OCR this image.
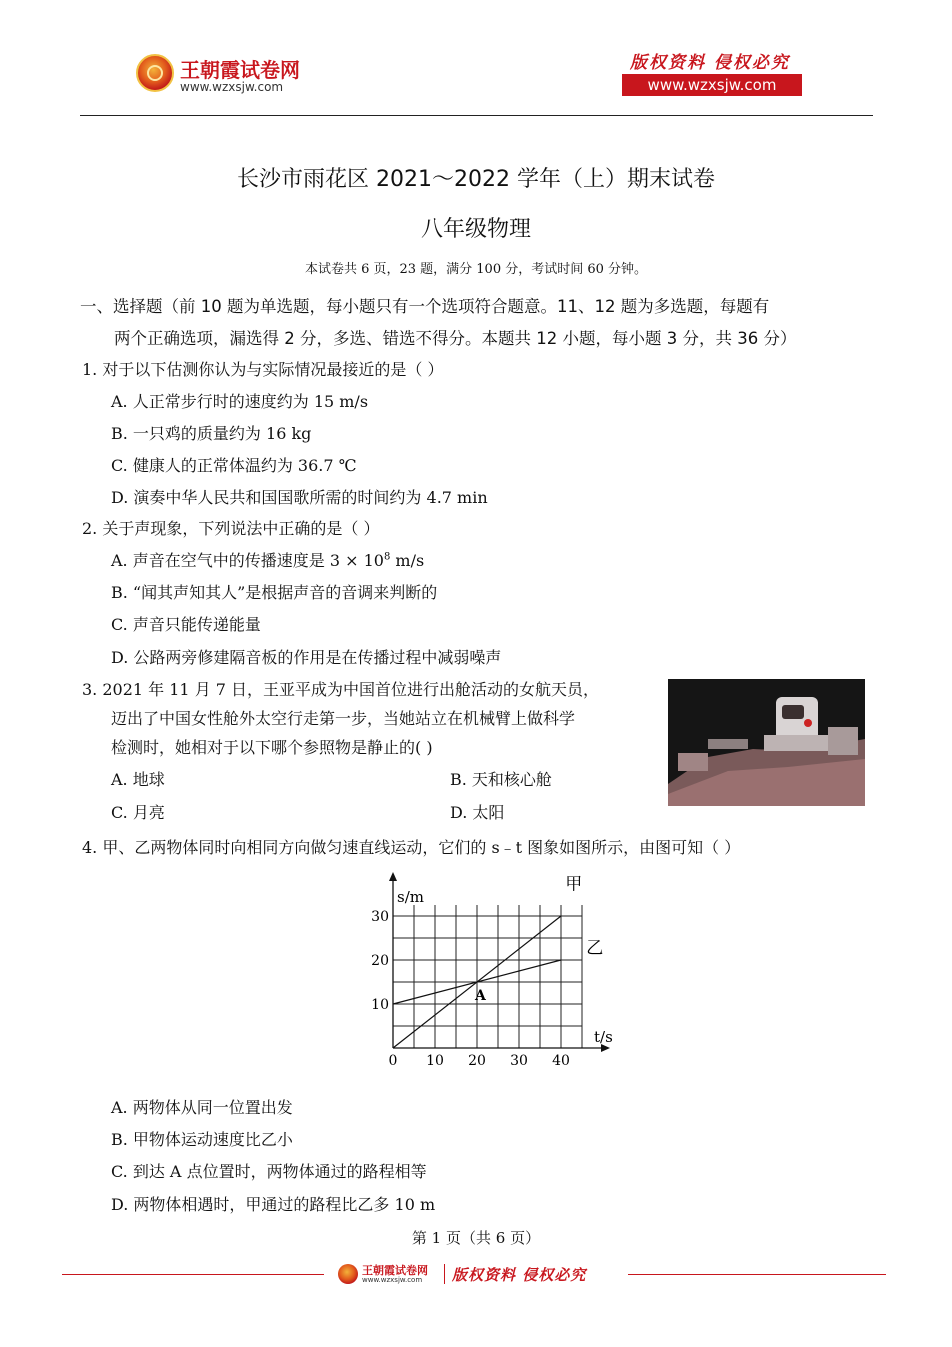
王朝霞试卷网
www.wzxsjw.com
版权资料 侵权必究
www.wzxsjw.com
长沙市雨花区 2021～2022 学年（上）期末试卷
八年级物理
本试卷共 6 页，23 题，满分 100 分，考试时间 60 分钟。
一、选择题（前 10 题为单选题，每小题只有一个选项符合题意。11、12 题为多选题，每题有
两个正确选项，漏选得 2 分，多选、错选不得分。本题共 12 小题，每小题 3 分，共 36 分）
1. 对于以下估测你认为与实际情况最接近的是（ ）
A. 人正常步行时的速度约为 15 m/s
B. 一只鸡的质量约为 16 kg
C. 健康人的正常体温约为 36.7 ℃
D. 演奏中华人民共和国国歌所需的时间约为 4.7 min
2. 关于声现象，下列说法中正确的是（ ）
A. 声音在空气中的传播速度是 $3 \times 10^8$ m/s
B. “闻其声知其人”是根据声音的音调来判断的
C. 声音只能传递能量
D. 公路两旁修建隔音板的作用是在传播过程中减弱噪声
3. 2021 年 11 月 7 日，王亚平成为中国首位进行出舱活动的女航天员，
迈出了中国女性舱外太空行走第一步，当她站立在机械臂上做科学
检测时，她相对于以下哪个参照物是静止的( )
A. 地球	B. 天和核心舱
C. 月亮	D. 太阳
4. 甲、乙两物体同时向相同方向做匀速直线运动，它们的 s﹣t 图象如图所示，由图可知（ ）
甲
乙
s/m
t/s
0 10 20 30 40
10
20
30
A
A. 两物体从同一位置出发
B. 甲物体运动速度比乙小
C. 到达 A 点位置时，两物体通过的路程相等
D. 两物体相遇时，甲通过的路程比乙多 10 m
第 1 页（共 6 页）
王朝霞试卷网
www.wzxsjw.com 版权资料 侵权必究
